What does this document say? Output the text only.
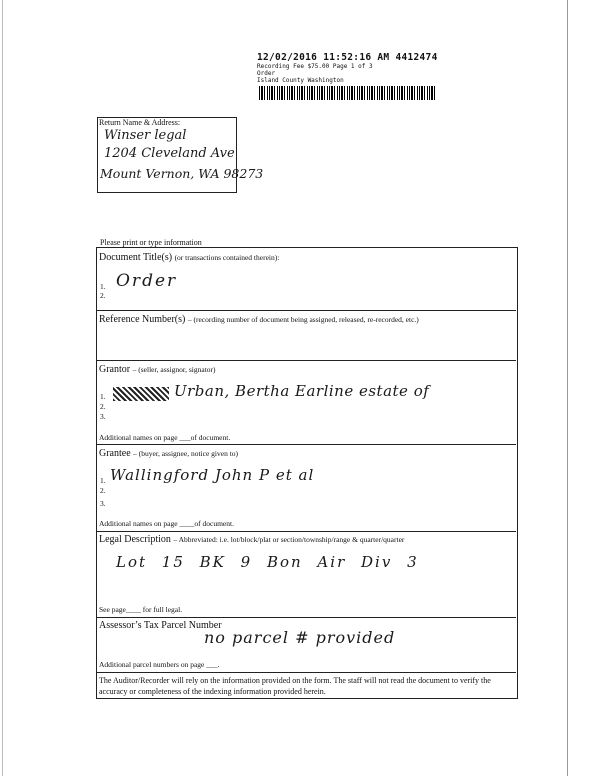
12/02/2016 11:52:16 AM 4412474
Recording Fee $75.00 Page 1 of 3
Order
Island County Washington
Return Name & Address:
Winser legal
1204 Cleveland Ave
Mount Vernon, WA 98273
Please print or type information
Document Title(s) (or transactions contained therein):
1.
2.
Order
Reference Number(s) – (recording number of document being assigned, released, re-recorded, etc.)
Grantor – (seller, assignor, signator)
1.
2.
3.
Urban, Bertha Earline estate of
Additional names on page ___of document.
Grantee – (buyer, assignee, notice given to)
1.
2.
3.
Wallingford John P et al
Additional names on page ____of document.
Legal Description – Abbreviated: i.e. lot/block/plat or section/township/range & quarter/quarter
Lot 15 BK 9 Bon Air Div 3
See page____ for full legal.
Assessor’s Tax Parcel Number
no parcel # provided
Additional parcel numbers on page ___.
The Auditor/Recorder will rely on the information provided on the form. The staff will not read the document to verify the accuracy or completeness of the indexing information provided herein.
